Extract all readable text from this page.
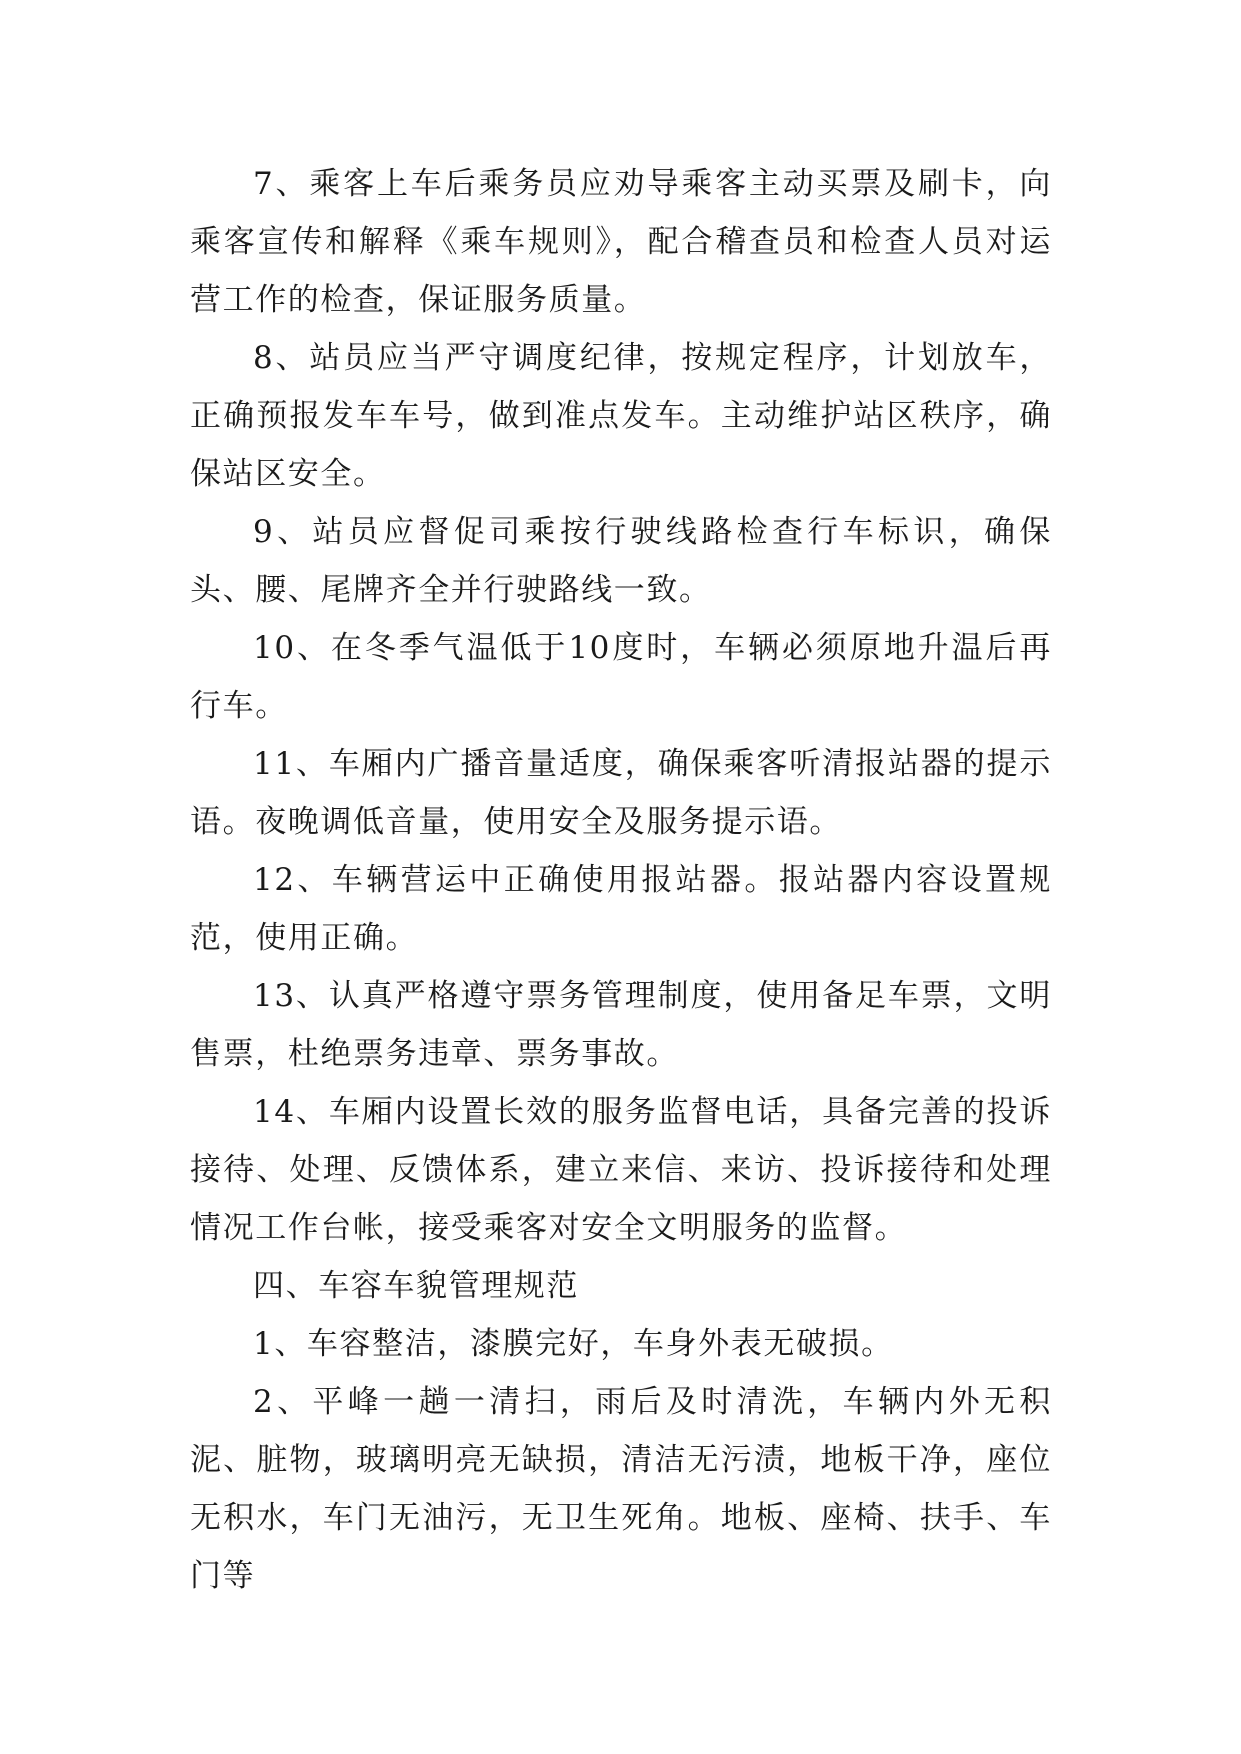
7、乘客上车后乘务员应劝导乘客主动买票及刷卡，向乘客宣传和解释《乘车规则》，配合稽查员和检查人员对运营工作的检查，保证服务质量。

8、站员应当严守调度纪律，按规定程序，计划放车，正确预报发车车号，做到准点发车。主动维护站区秩序，确保站区安全。

9、站员应督促司乘按行驶线路检查行车标识，确保头、腰、尾牌齐全并行驶路线一致。

10、在冬季气温低于10度时，车辆必须原地升温后再行车。

11、车厢内广播音量适度，确保乘客听清报站器的提示语。夜晚调低音量，使用安全及服务提示语。

12、车辆营运中正确使用报站器。报站器内容设置规范，使用正确。

13、认真严格遵守票务管理制度，使用备足车票，文明售票，杜绝票务违章、票务事故。

14、车厢内设置长效的服务监督电话，具备完善的投诉接待、处理、反馈体系，建立来信、来访、投诉接待和处理情况工作台帐，接受乘客对安全文明服务的监督。

四、车容车貌管理规范

1、车容整洁，漆膜完好，车身外表无破损。

2、平峰一趟一清扫，雨后及时清洗，车辆内外无积泥、脏物，玻璃明亮无缺损，清洁无污渍，地板干净，座位无积水，车门无油污，无卫生死角。地板、座椅、扶手、车门等
